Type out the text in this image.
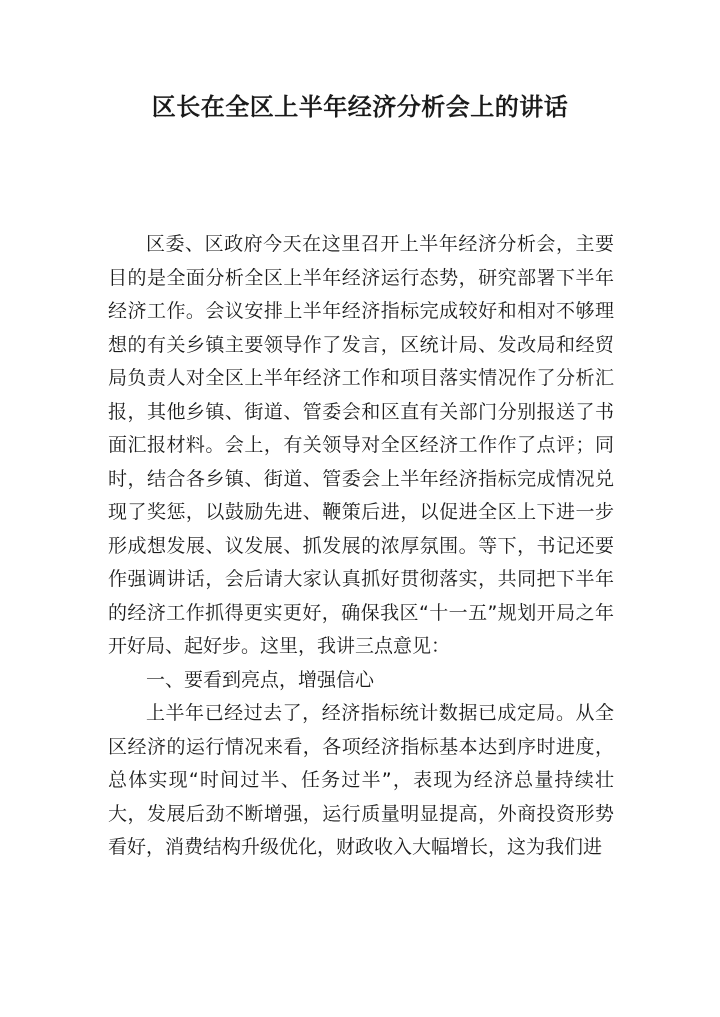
区长在全区上半年经济分析会上的讲话

区委、区政府今天在这里召开上半年经济分析会，主要目的是全面分析全区上半年经济运行态势，研究部署下半年经济工作。会议安排上半年经济指标完成较好和相对不够理想的有关乡镇主要领导作了发言，区统计局、发改局和经贸局负责人对全区上半年经济工作和项目落实情况作了分析汇报，其他乡镇、街道、管委会和区直有关部门分别报送了书面汇报材料。会上，有关领导对全区经济工作作了点评；同时，结合各乡镇、街道、管委会上半年经济指标完成情况兑现了奖惩，以鼓励先进、鞭策后进，以促进全区上下进一步形成想发展、议发展、抓发展的浓厚氛围。等下，书记还要作强调讲话，会后请大家认真抓好贯彻落实，共同把下半年的经济工作抓得更实更好，确保我区“十一五”规划开局之年开好局、起好步。这里，我讲三点意见：

一、要看到亮点，增强信心

上半年已经过去了，经济指标统计数据已成定局。从全区经济的运行情况来看，各项经济指标基本达到序时进度，总体实现“时间过半、任务过半”，表现为经济总量持续壮大，发展后劲不断增强，运行质量明显提高，外商投资形势看好，消费结构升级优化，财政收入大幅增长，这为我们进
